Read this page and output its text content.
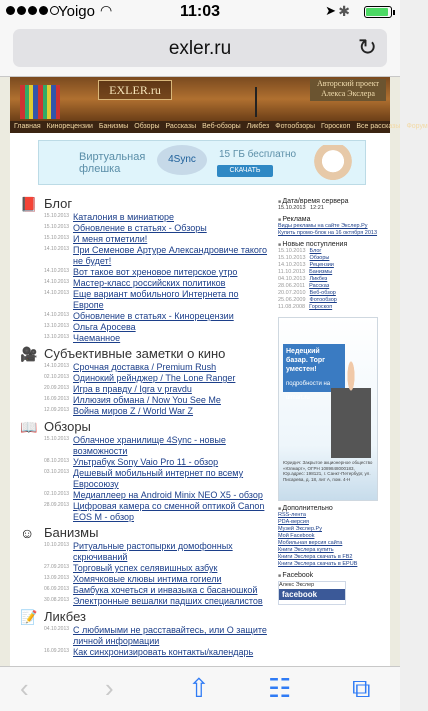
Yoigo ◠	11:03	➤ ✱
exler.ru	↻
EXLER.ru	Авторский проект Алекса Экслера
Главная Кинорецензии Банизмы Обзоры Рассказы Веб-обзоры Ликбез Фотообзоры Гороскоп Все рассказы Форум
Виртуальная флешка
4Sync	15 ГБ бесплатно
СКАЧАТЬ
📕 Блог
15.10.2013 Каталония в миниатюре
15.10.2013 Обновление в статьях - Обзоры
15.10.2013 И меня отметили!
14.10.2013 При Семенове Артуре Александровиче такого не будет!
14.10.2013 Вот такое вот хреновое питерское утро
14.10.2013 Мастер-класс российских политиков
14.10.2013 Еще вариант мобильного Интернета по Европе
14.10.2013 Обновление в статьях - Кинорецензии
13.10.2013 Ольга Аросева
13.10.2013 Чаеманное
🎥 Субъективные заметки о кино
14.10.2013 Срочная доставка / Premium Rush
02.10.2013 Одинокий рейнджер / The Lone Ranger
20.09.2013 Игра в правду / Igra v pravdu
16.09.2013 Иллюзия обмана / Now You See Me
12.09.2013 Война миров Z / World War Z
📖 Обзоры
15.10.2013 Облачное хранилище 4Sync - новые возможности
08.10.2013 Ультрабук Sony Vaio Pro 11 - обзор
03.10.2013 Дешевый мобильный интернет по всему Евросоюзу
02.10.2013 Медиаплеер на Android Minix NEO X5 - обзор
28.09.2013 Цифровая камера со сменной оптикой Canon EOS M - обзор
☺ Банизмы
10.10.2013 Ритуальные растопырки домофонных скрючиваний
27.09.2013 Торговый успех селявишных азбук
13.09.2013 Хомячковые клювы интима гогиели
06.09.2013 Бамбука хочеться и инвазыка с басаношкой
30.08.2013 Электронные вешалки падших специалистов
📝 Ликбез
04.10.2013 С любимыми не расставайтесь, или О защите личной информации
16.09.2013 Как синхронизировать контакты/календарь
■ Дата/время сервера
15.10.2013 12:21
■ Реклама
Виды рекламы на сайте Экслер.Ру
Купить промо-блок на 16 октября 2013
■ Новые поступления
15.10.2013 Блог
15.10.2013 Обзоры
14.10.2013 Рецензии
11.10.2013 Банизмы
04.10.2013 Ликбез
28.06.2011 Рассказ
20.07.2010 Веб-обзор
25.06.2009 Фотообзор
11.08.2008 Гороскоп
Недецкий базар. Торг уместен!
подробности на
ulmart.ru
Юридич: Закрытое акционерное общество «Юлмарт», ОГРН 1089848000183, Юр.адрес: 198121, г. Санкт-Петербург, ул. Писарева, д. 18, лит А, пом. 4-Н
■ Дополнительно
RSS-лента
PDA-версия
Музей Экслер.Ру
Мой Facebook
Мобильная версия сайта
Книги Экслера купить
Книги Экслера скачать в FB2
Книги Экслера скачать в EPUB
■ Facebook
Алекс Экслер
facebook
‹	›	⇧ ☷ ⧉
